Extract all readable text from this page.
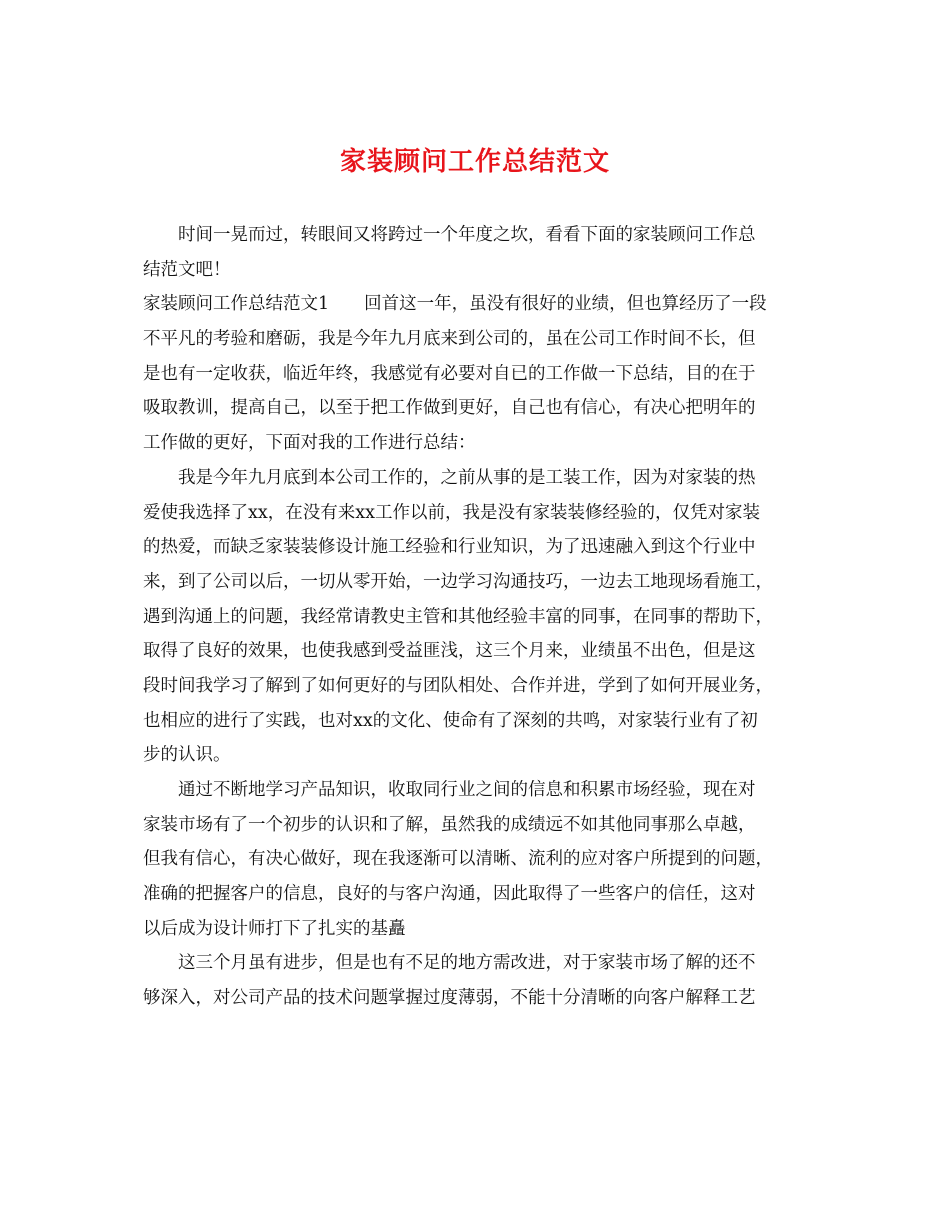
家装顾问工作总结范文
时间一晃而过，转眼间又将跨过一个年度之坎，看看下面的家装顾问工作总
结范文吧！
家装顾问工作总结范文1　　回首这一年，虽没有很好的业绩，但也算经历了一段
不平凡的考验和磨砺，我是今年九月底来到公司的，虽在公司工作时间不长，但
是也有一定收获，临近年终，我感觉有必要对自已的工作做一下总结，目的在于
吸取教训，提高自己，以至于把工作做到更好，自己也有信心，有决心把明年的
工作做的更好，下面对我的工作进行总结：
我是今年九月底到本公司工作的，之前从事的是工装工作，因为对家装的热
爱使我选择了xx，在没有来xx工作以前，我是没有家装装修经验的，仅凭对家装
的热爱，而缺乏家装装修设计施工经验和行业知识，为了迅速融入到这个行业中
来，到了公司以后，一切从零开始，一边学习沟通技巧，一边去工地现场看施工，
遇到沟通上的问题，我经常请教史主管和其他经验丰富的同事，在同事的帮助下，
取得了良好的效果，也使我感到受益匪浅，这三个月来，业绩虽不出色，但是这
段时间我学习了解到了如何更好的与团队相处、合作并进，学到了如何开展业务，
也相应的进行了实践，也对xx的文化、使命有了深刻的共鸣，对家装行业有了初
步的认识。
通过不断地学习产品知识，收取同行业之间的信息和积累市场经验，现在对
家装市场有了一个初步的认识和了解，虽然我的成绩远不如其他同事那么卓越，
但我有信心，有决心做好，现在我逐渐可以清晰、流利的应对客户所提到的问题，
准确的把握客户的信息，良好的与客户沟通，因此取得了一些客户的信任，这对
以后成为设计师打下了扎实的基矗
这三个月虽有进步，但是也有不足的地方需改进，对于家装市场了解的还不
够深入，对公司产品的技术问题掌握过度薄弱，不能十分清晰的向客户解释工艺
